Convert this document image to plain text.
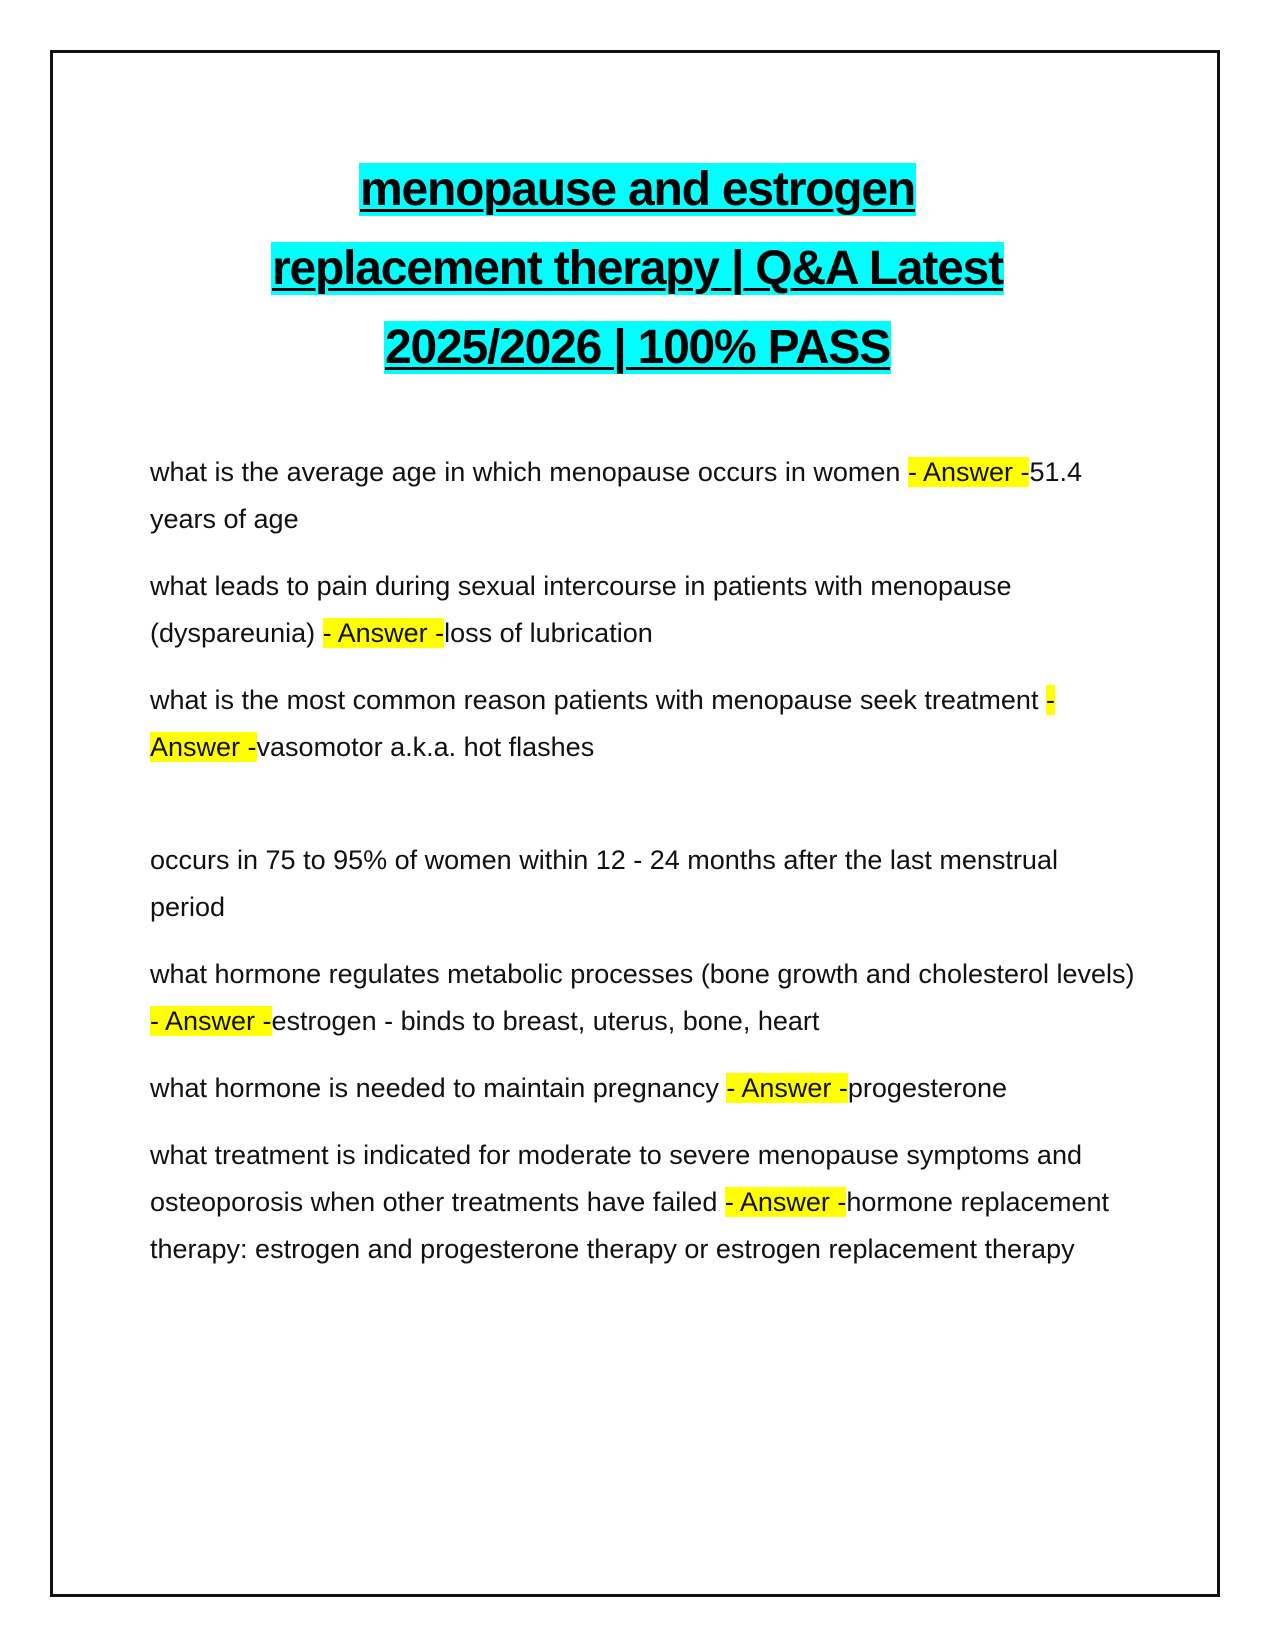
menopause and estrogen
replacement therapy | Q&A Latest
2025/2026 | 100% PASS

what is the average age in which menopause occurs in women - Answer -51.4 years of age

what leads to pain during sexual intercourse in patients with menopause (dyspareunia) - Answer -loss of lubrication

what is the most common reason patients with menopause seek treatment - Answer -vasomotor a.k.a. hot flashes

occurs in 75 to 95% of women within 12 - 24 months after the last menstrual period

what hormone regulates metabolic processes (bone growth and cholesterol levels) - Answer -estrogen - binds to breast, uterus, bone, heart

what hormone is needed to maintain pregnancy - Answer -progesterone

what treatment is indicated for moderate to severe menopause symptoms and osteoporosis when other treatments have failed - Answer -hormone replacement therapy: estrogen and progesterone therapy or estrogen replacement therapy
